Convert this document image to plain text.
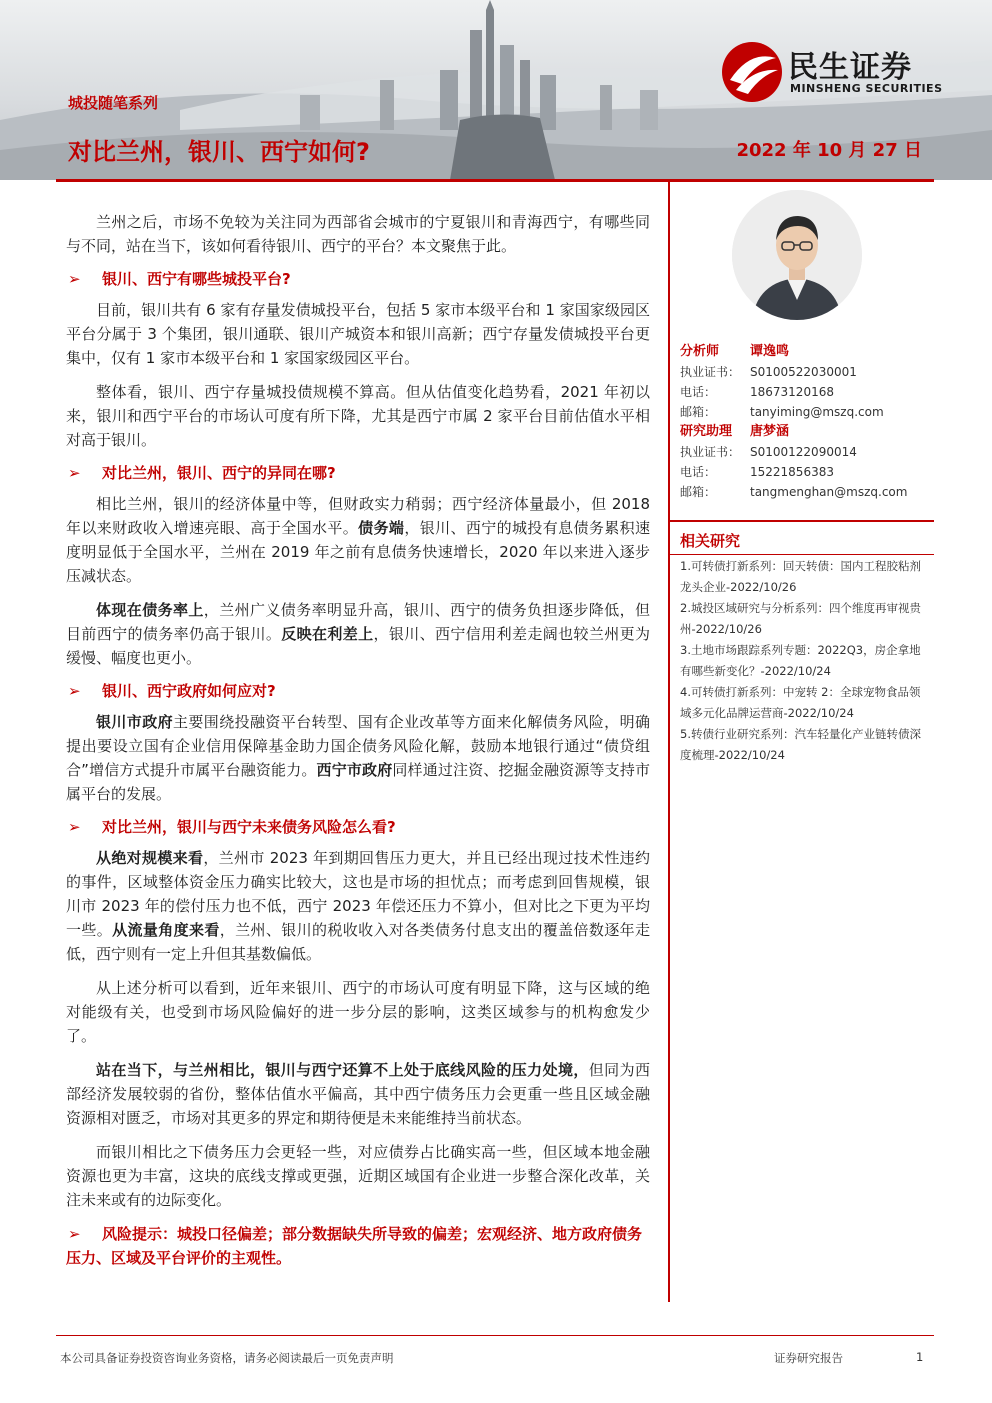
城投随笔系列
对比兰州，银川、西宁如何?	2022 年 10 月 27 日
民生证券
MINSHENG SECURITIES

兰州之后，市场不免较为关注同为西部省会城市的宁夏银川和青海西宁，有哪些同与不同，站在当下，该如何看待银川、西宁的平台？本文聚焦于此。

➢ 银川、西宁有哪些城投平台?

目前，银川共有 6 家有存量发债城投平台，包括 5 家市本级平台和 1 家国家级园区平台分属于 3 个集团，银川通联、银川产城资本和银川高新；西宁存量发债城投平台更集中，仅有 1 家市本级平台和 1 家国家级园区平台。

整体看，银川、西宁存量城投债规模不算高。但从估值变化趋势看，2021 年初以来，银川和西宁平台的市场认可度有所下降，尤其是西宁市属 2 家平台目前估值水平相对高于银川。

➢ 对比兰州，银川、西宁的异同在哪?

相比兰州，银川的经济体量中等，但财政实力稍弱；西宁经济体量最小，但 2018 年以来财政收入增速亮眼、高于全国水平。债务端，银川、西宁的城投有息债务累积速度明显低于全国水平，兰州在 2019 年之前有息债务快速增长，2020 年以来进入逐步压减状态。

体现在债务率上，兰州广义债务率明显升高，银川、西宁的债务负担逐步降低，但目前西宁的债务率仍高于银川。反映在利差上，银川、西宁信用利差走阔也较兰州更为缓慢、幅度也更小。

➢ 银川、西宁政府如何应对?

银川市政府主要围绕投融资平台转型、国有企业改革等方面来化解债务风险，明确提出要设立国有企业信用保障基金助力国企债务风险化解，鼓励本地银行通过“债贷组合”增信方式提升市属平台融资能力。西宁市政府同样通过注资、挖掘金融资源等支持市属平台的发展。

➢ 对比兰州，银川与西宁未来债务风险怎么看?

从绝对规模来看，兰州市 2023 年到期回售压力更大，并且已经出现过技术性违约的事件，区域整体资金压力确实比较大，这也是市场的担忧点；而考虑到回售规模，银川市 2023 年的偿付压力也不低，西宁 2023 年偿还压力不算小，但对比之下更为平均一些。从流量角度来看，兰州、银川的税收收入对各类债务付息支出的覆盖倍数逐年走低，西宁则有一定上升但其基数偏低。

从上述分析可以看到，近年来银川、西宁的市场认可度有明显下降，这与区域的绝对能级有关，也受到市场风险偏好的进一步分层的影响，这类区域参与的机构愈发少了。

站在当下，与兰州相比，银川与西宁还算不上处于底线风险的压力处境，但同为西部经济发展较弱的省份，整体估值水平偏高，其中西宁债务压力会更重一些且区域金融资源相对匮乏，市场对其更多的界定和期待便是未来能维持当前状态。

而银川相比之下债务压力会更轻一些，对应债券占比确实高一些，但区域本地金融资源也更为丰富，这块的底线支撑或更强，近期区域国有企业进一步整合深化改革，关注未来或有的边际变化。

➢ 风险提示：城投口径偏差；部分数据缺失所导致的偏差；宏观经济、地方政府债务压力、区域及平台评价的主观性。
分析师	谭逸鸣
执业证书： S0100522030001
电话：	18673120168
邮箱：	tanyiming@mszq.com
研究助理	唐梦涵
执业证书： S0100122090014
电话：	15221856383
邮箱：	tangmenghan@mszq.com
相关研究
1.可转债打新系列：回天转债：国内工程胶粘剂龙头企业-2022/10/26
2.城投区域研究与分析系列：四个维度再审视贵州-2022/10/26
3.土地市场跟踪系列专题：2022Q3，房企拿地有哪些新变化？-2022/10/24
4.可转债打新系列：中宠转 2：全球宠物食品领域多元化品牌运营商-2022/10/24
5.转债行业研究系列：汽车轻量化产业链转债深度梳理-2022/10/24
本公司具备证券投资咨询业务资格，请务必阅读最后一页免责声明	证券研究报告	1
